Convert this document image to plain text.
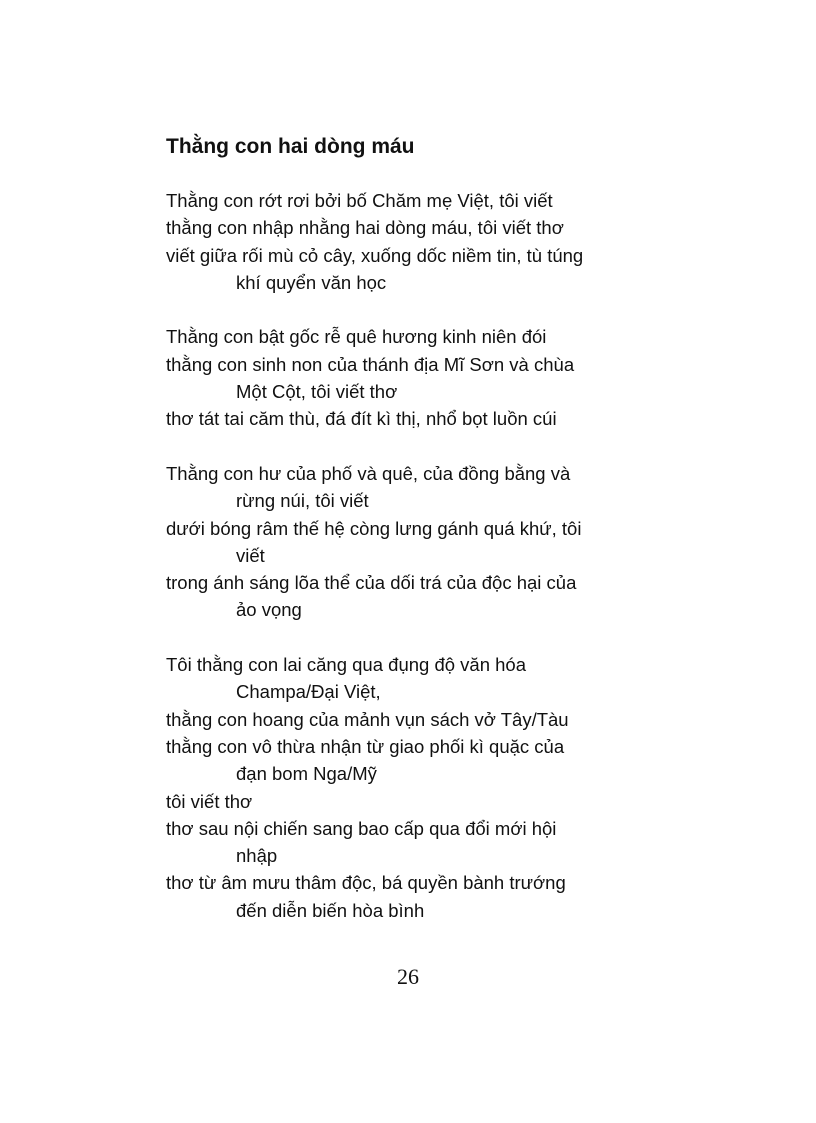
Thằng con hai dòng máu
Thằng con rớt rơi bởi bố Chăm mẹ Việt, tôi viết
thằng con nhập nhằng hai dòng máu, tôi viết thơ
viết giữa rối mù cỏ cây, xuống dốc niềm tin, tù túng
khí quyển văn học
Thằng con bật gốc rễ quê hương kinh niên đói
thằng con sinh non của thánh địa Mĩ Sơn và chùa
Một Cột, tôi viết thơ
thơ tát tai căm thù, đá đít kì thị, nhổ bọt luồn cúi
Thằng con hư của phố và quê, của đồng bằng và
rừng núi, tôi viết
dưới bóng râm thế hệ còng lưng gánh quá khứ, tôi
viết
trong ánh sáng lõa thể của dối trá của độc hại của
ảo vọng
Tôi thằng con lai căng qua đụng độ văn hóa
Champa/Đại Việt,
thằng con hoang của mảnh vụn sách vở Tây/Tàu
thằng con vô thừa nhận từ giao phối kì quặc của
đạn bom Nga/Mỹ
tôi viết thơ
thơ sau nội chiến sang bao cấp qua đổi mới hội
nhập
thơ từ âm mưu thâm độc, bá quyền bành trướng
đến diễn biến hòa bình
26
